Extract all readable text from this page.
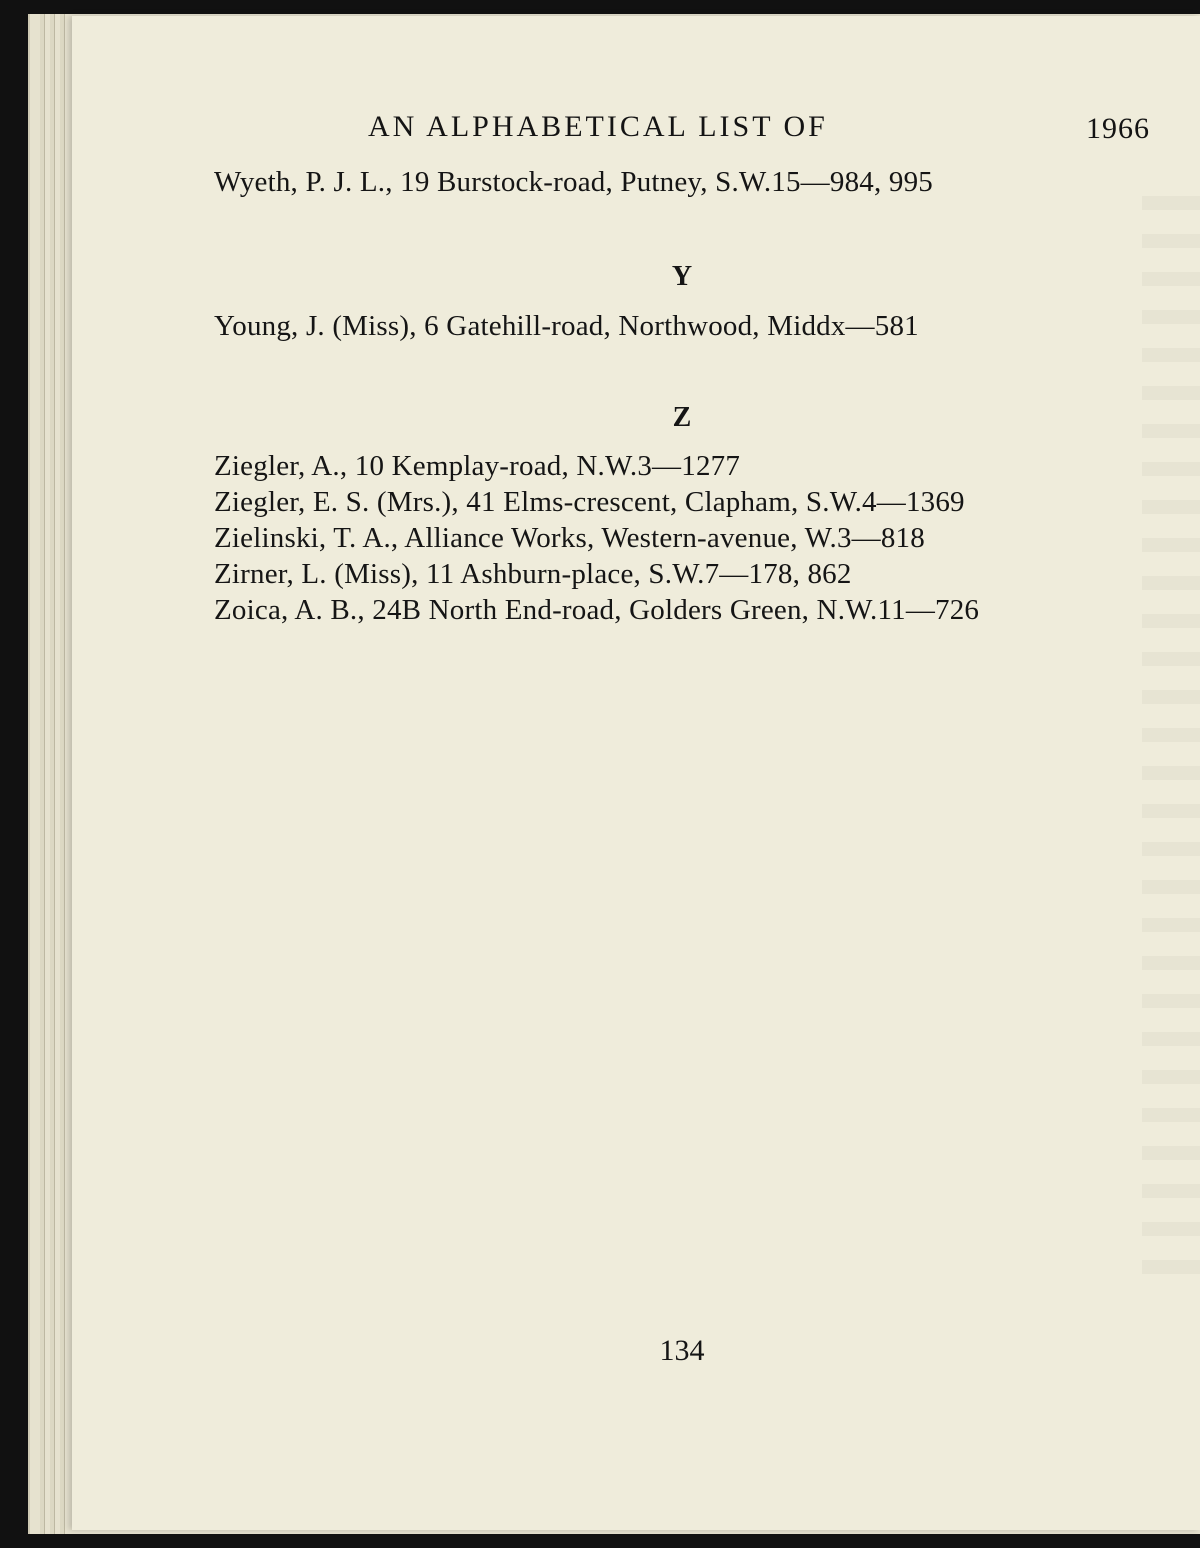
AN ALPHABETICAL LIST OF	1966
Wyeth, P. J. L., 19 Burstock-road, Putney, S.W.15—984, 995
Y
Young, J. (Miss), 6 Gatehill-road, Northwood, Middx—581
Z
Ziegler, A., 10 Kemplay-road, N.W.3—1277
Ziegler, E. S. (Mrs.), 41 Elms-crescent, Clapham, S.W.4—1369
Zielinski, T. A., Alliance Works, Western-avenue, W.3—818
Zirner, L. (Miss), 11 Ashburn-place, S.W.7—178, 862
Zoica, A. B., 24B North End-road, Golders Green, N.W.11—726
134
